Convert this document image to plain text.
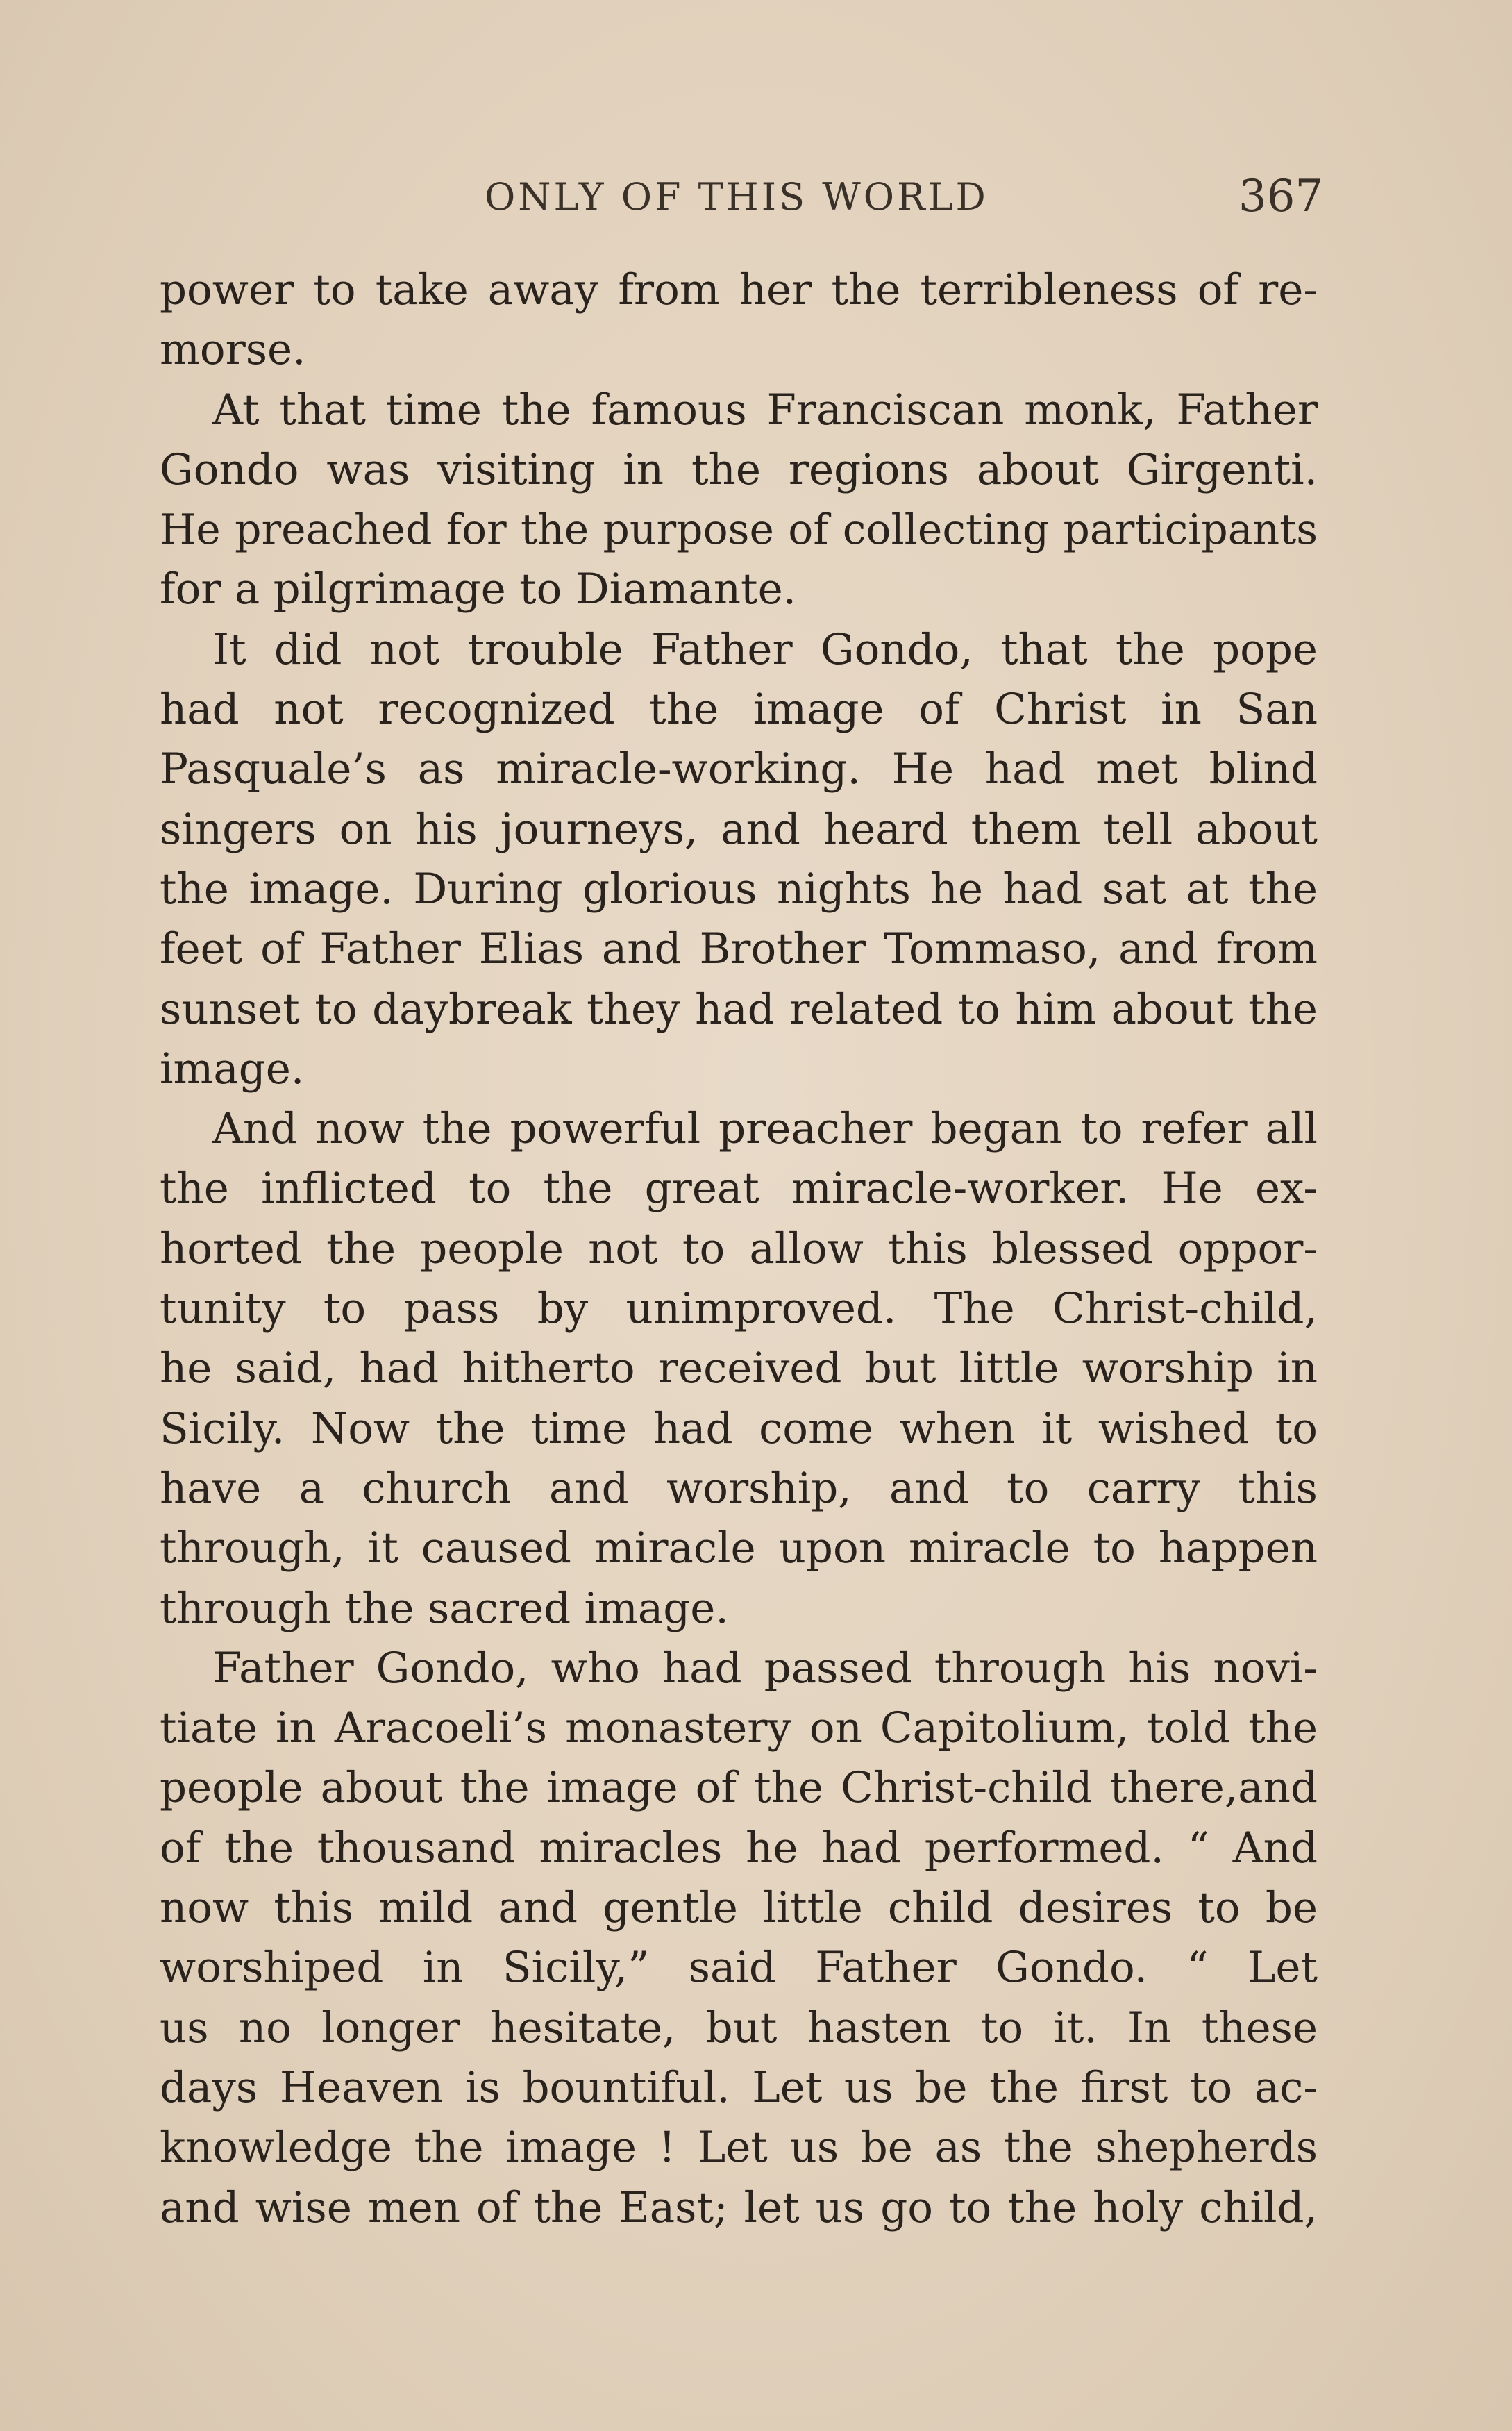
ONLY OF THIS WORLD	367
power to take away from her the terribleness of re-
morse.
At that time the famous Franciscan monk, Father
Gondo was visiting in the regions about Girgenti.
He preached for the purpose of collecting participants
for a pilgrimage to Diamante.
It did not trouble Father Gondo, that the pope
had not recognized the image of Christ in San
Pasquale’s as miracle-working. He had met blind
singers on his journeys, and heard them tell about
the image. During glorious nights he had sat at the
feet of Father Elias and Brother Tommaso, and from
sunset to daybreak they had related to him about the
image.
And now the powerful preacher began to refer all
the inflicted to the great miracle-worker. He ex-
horted the people not to allow this blessed oppor-
tunity to pass by unimproved. The Christ-child,
he said, had hitherto received but little worship in
Sicily. Now the time had come when it wished to
have a church and worship, and to carry this
through, it caused miracle upon miracle to happen
through the sacred image.
Father Gondo, who had passed through his novi-
tiate in Aracoeli’s monastery on Capitolium, told the
people about the image of the Christ-child there,and
of the thousand miracles he had performed. “ And
now this mild and gentle little child desires to be
worshiped in Sicily,” said Father Gondo. “ Let
us no longer hesitate, but hasten to it. In these
days Heaven is bountiful. Let us be the first to ac-
knowledge the image ! Let us be as the shepherds
and wise men of the East; let us go to the holy child,
